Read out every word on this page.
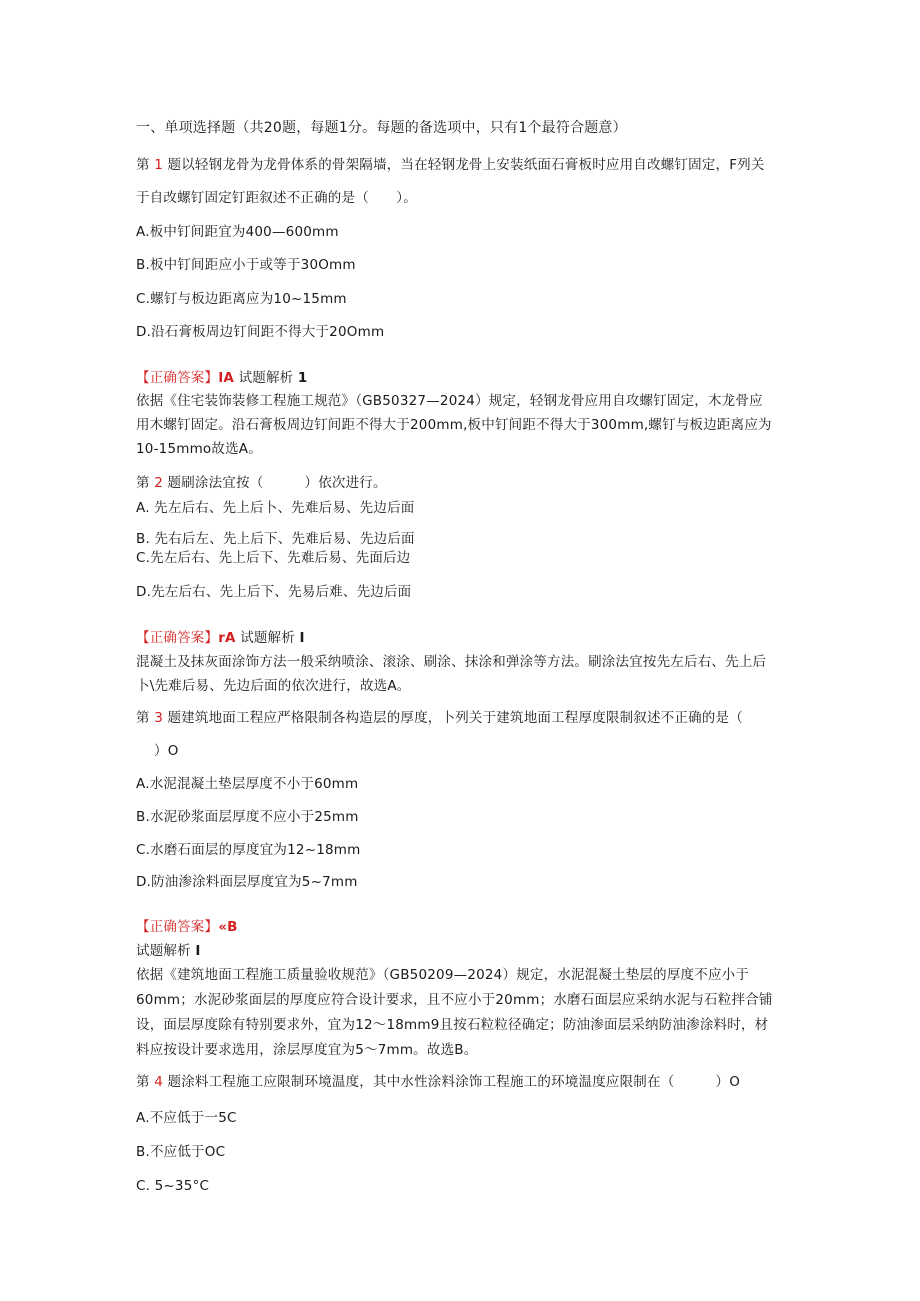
一、单项选择题（共20题，每题1分。每题的备选项中，只有1个最符合题意）
第 1 题以轻钢龙骨为龙骨体系的骨架隔墙，当在轻钢龙骨上安装纸面石膏板时应用自改螺钉固定，F列关
于自改螺钉固定钉距叙述不正确的是（　　）。
A.板中钉间距宜为400—600mm
B.板中钉间距应小于或等于30Omm
C.螺钉与板边距离应为10~15mm
D.沿石膏板周边钉间距不得大于20Omm
【正确答案】IA 试题解析 1
依据《住宅装饰装修工程施工规范》（GB50327—2024）规定，轻钢龙骨应用自攻螺钉固定，木龙骨应
用木螺钉固定。沿石膏板周边钉间距不得大于200mm,板中钉间距不得大于300mm,螺钉与板边距离应为
10-15mmo故选A。
第 2 题刷涂法宜按（　　　）依次进行。
A. 先左后右、先上后卜、先难后易、先边后面
B. 先右后左、先上后下、先难后易、先边后面
C.先左后右、先上后下、先难后易、先面后边
D.先左后右、先上后下、先易后难、先边后面
【正确答案】rA 试题解析 I
混凝土及抹灰面涂饰方法一般采纳喷涂、滚涂、刷涂、抹涂和弹涂等方法。刷涂法宜按先左后右、先上后
卜\先难后易、先边后面的依次进行，故选A。
第 3 题建筑地面工程应严格限制各构造层的厚度，卜列关于建筑地面工程厚度限制叙述不正确的是（
）O
A.水泥混凝土垫层厚度不小于60mm
B.水泥砂浆面层厚度不应小于25mm
C.水磨石面层的厚度宜为12~18mm
D.防油渗涂料面层厚度宜为5~7mm
【正确答案】«B
试题解析 I
依据《建筑地面工程施工质量验收规范》（GB50209—2024）规定，水泥混凝土垫层的厚度不应小于
60mm；水泥砂浆面层的厚度应符合设计要求，且不应小于20mm；水磨石面层应采纳水泥与石粒拌合铺
设，面层厚度除有特别要求外，宜为12～18mm9且按石粒粒径确定；防油渗面层采纳防油渗涂料时，材
料应按设计要求选用，涂层厚度宜为5～7mm。故选B。
第 4 题涂料工程施工应限制环境温度，其中水性涂料涂饰工程施工的环境温度应限制在（　　　）O
A.不应低于一5C
B.不应低于OC
C. 5~35°C
